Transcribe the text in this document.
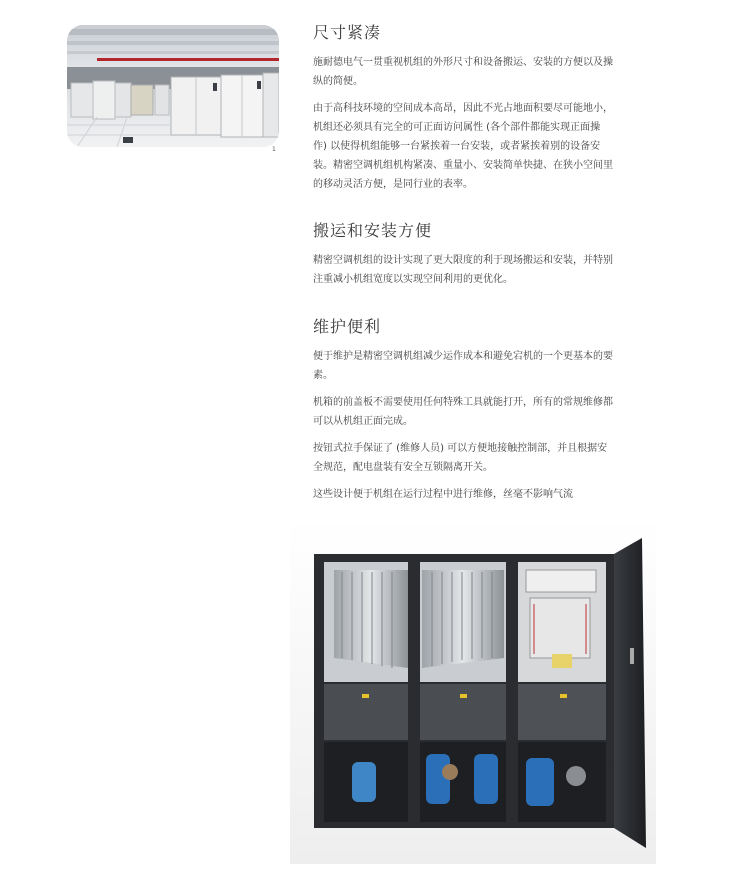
1
尺寸紧凑

施耐德电气一贯重视机组的外形尺寸和设备搬运、安装的方便以及操纵的简便。

由于高科技环境的空间成本高昂，因此不光占地面积要尽可能地小，机组还必须具有完全的可正面访问属性 (各个部件都能实现正面操作) 以使得机组能够一台紧挨着一台安装，或者紧挨着别的设备安装。精密空调机组机构紧凑、重量小、安装简单快捷、在狭小空间里的移动灵活方便，是同行业的表率。

搬运和安装方便

精密空调机组的设计实现了更大限度的利于现场搬运和安装，并特别注重减小机组宽度以实现空间利用的更优化。

维护便利

便于维护是精密空调机组减少运作成本和避免宕机的一个更基本的要素。

机箱的前盖板不需要使用任何特殊工具就能打开，所有的常规维修都可以从机组正面完成。

按钮式拉手保证了 (维修人员) 可以方便地接触控制部，并且根据安全规范，配电盘装有安全互锁隔离开关。

这些设计便于机组在运行过程中进行维修，丝毫不影响气流
